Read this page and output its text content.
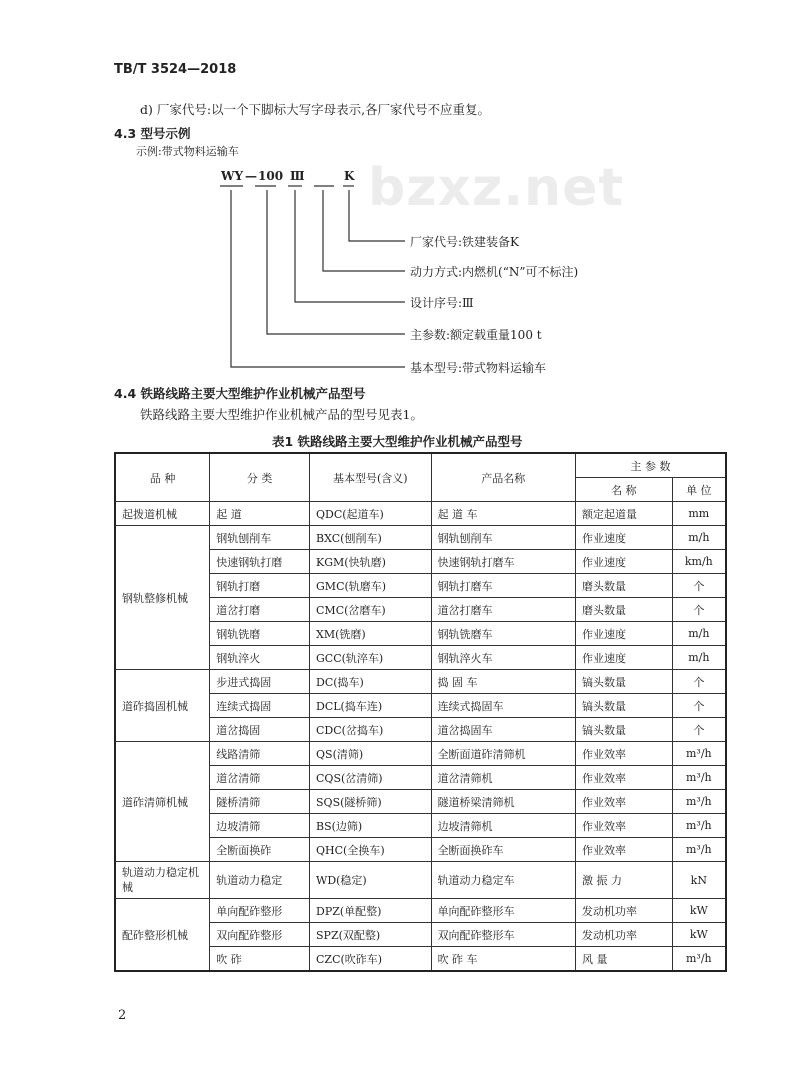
TB/T 3524—2018
bzxz.net
d) 厂家代号:以一个下脚标大写字母表示,各厂家代号不应重复。
4.3 型号示例
示例:带式物料运输车
WY — 100 Ⅲ	K
厂家代号:铁建装备K
动力方式:内燃机(“N”可不标注)
设计序号:Ⅲ
主参数:额定载重量100 t
基本型号:带式物料运输车
4.4 铁路线路主要大型维护作业机械产品型号
铁路线路主要大型维护作业机械产品的型号见表1。
表1 铁路线路主要大型维护作业机械产品型号
品 种	分 类	基本型号(含义)	产品名称	主 参 数	
				名 称	单 位
起拨道机械	起 道	QDC(起道车)	起 道 车	额定起道量	mm
钢轨整修机械	钢轨刨削车	BXC(刨削车)	钢轨刨削车	作业速度	m/h
	快速钢轨打磨	KGM(快轨磨)	快速钢轨打磨车	作业速度	km/h
	钢轨打磨	GMC(轨磨车)	钢轨打磨车	磨头数量	个
	道岔打磨	CMC(岔磨车)	道岔打磨车	磨头数量	个
	钢轨铣磨	XM(铣磨)	钢轨铣磨车	作业速度	m/h
	钢轨淬火	GCC(轨淬车)	钢轨淬火车	作业速度	m/h
道砟捣固机械	步进式捣固	DC(捣车)	捣 固 车	镐头数量	个
	连续式捣固	DCL(捣车连)	连续式捣固车	镐头数量	个
	道岔捣固	CDC(岔捣车)	道岔捣固车	镐头数量	个
道砟清筛机械	线路清筛	QS(清筛)	全断面道砟清筛机	作业效率	m³/h
	道岔清筛	CQS(岔清筛)	道岔清筛机	作业效率	m³/h
	隧桥清筛	SQS(隧桥筛)	隧道桥梁清筛机	作业效率	m³/h
	边坡清筛	BS(边筛)	边坡清筛机	作业效率	m³/h
	全断面换砟	QHC(全换车)	全断面换砟车	作业效率	m³/h
轨道动力稳定机械	轨道动力稳定	WD(稳定)	轨道动力稳定车	激 振 力	kN
配砟整形机械	单向配砟整形	DPZ(单配整)	单向配砟整形车	发动机功率	kW
	双向配砟整形	SPZ(双配整)	双向配砟整形车	发动机功率	kW
	吹 砟	CZC(吹砟车)	吹 砟 车	风 量	m³/h
2
